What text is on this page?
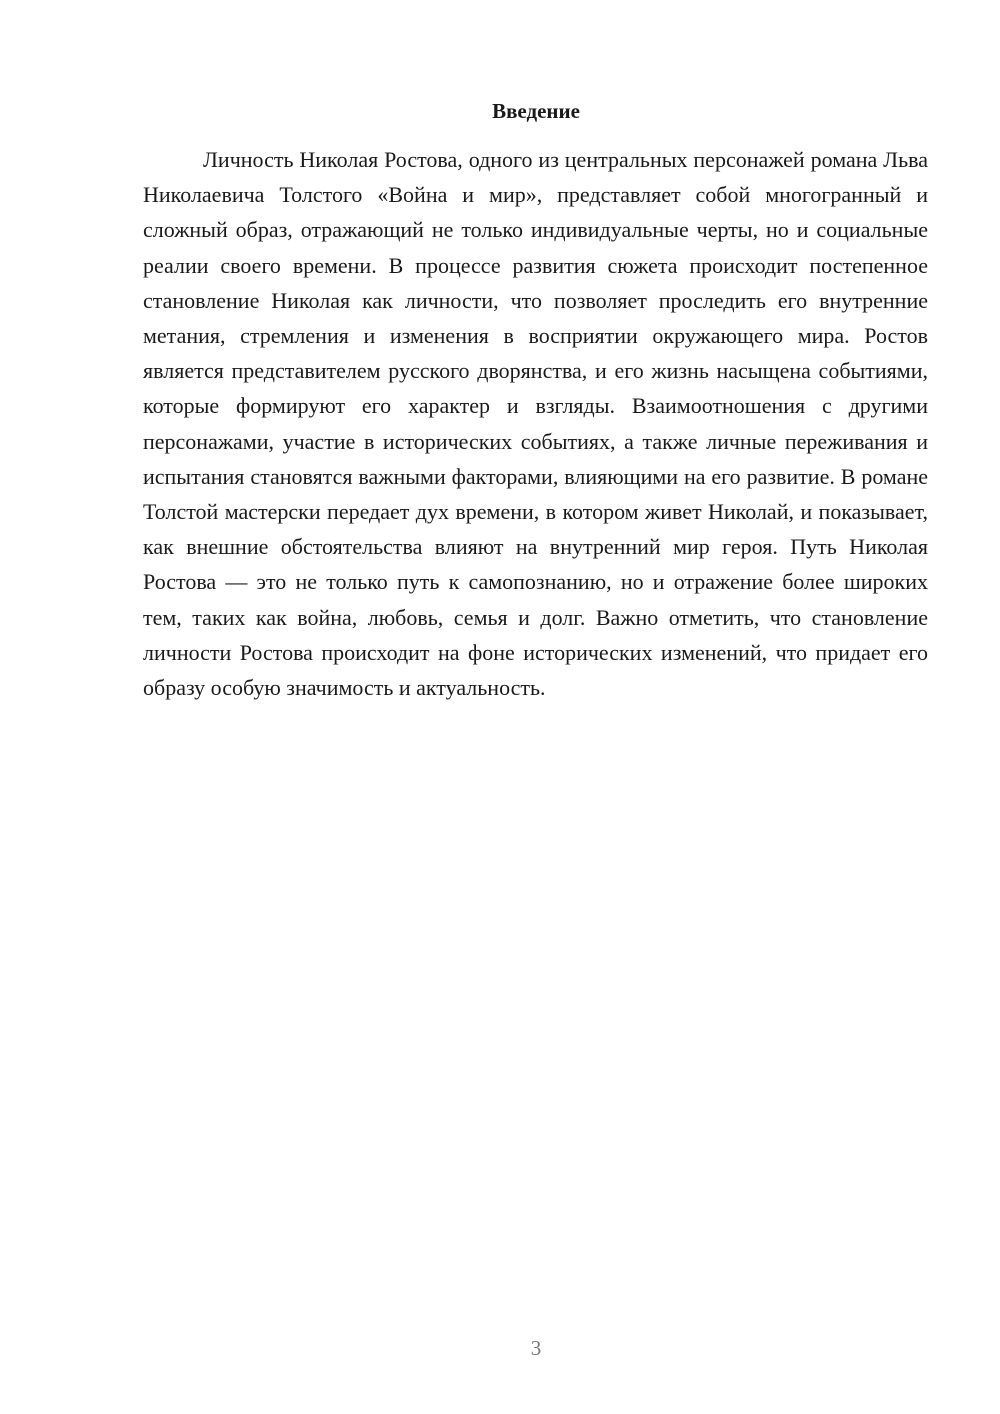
Введение

Личность Николая Ростова, одного из центральных персонажей романа Льва Николаевича Толстого «Война и мир», представляет собой многогранный и сложный образ, отражающий не только индивидуальные черты, но и социальные реалии своего времени. В процессе развития сюжета происходит постепенное становление Николая как личности, что позволяет проследить его внутренние метания, стремления и изменения в восприятии окружающего мира. Ростов является представителем русского дворянства, и его жизнь насыщена событиями, которые формируют его характер и взгляды. Взаимоотношения с другими персонажами, участие в исторических событиях, а также личные переживания и испытания становятся важными факторами, влияющими на его развитие. В романе Толстой мастерски передает дух времени, в котором живет Николай, и показывает, как внешние обстоятельства влияют на внутренний мир героя. Путь Николая Ростова — это не только путь к самопознанию, но и отражение более широких тем, таких как война, любовь, семья и долг. Важно отметить, что становление личности Ростова происходит на фоне исторических изменений, что придает его образу особую значимость и актуальность.

3
